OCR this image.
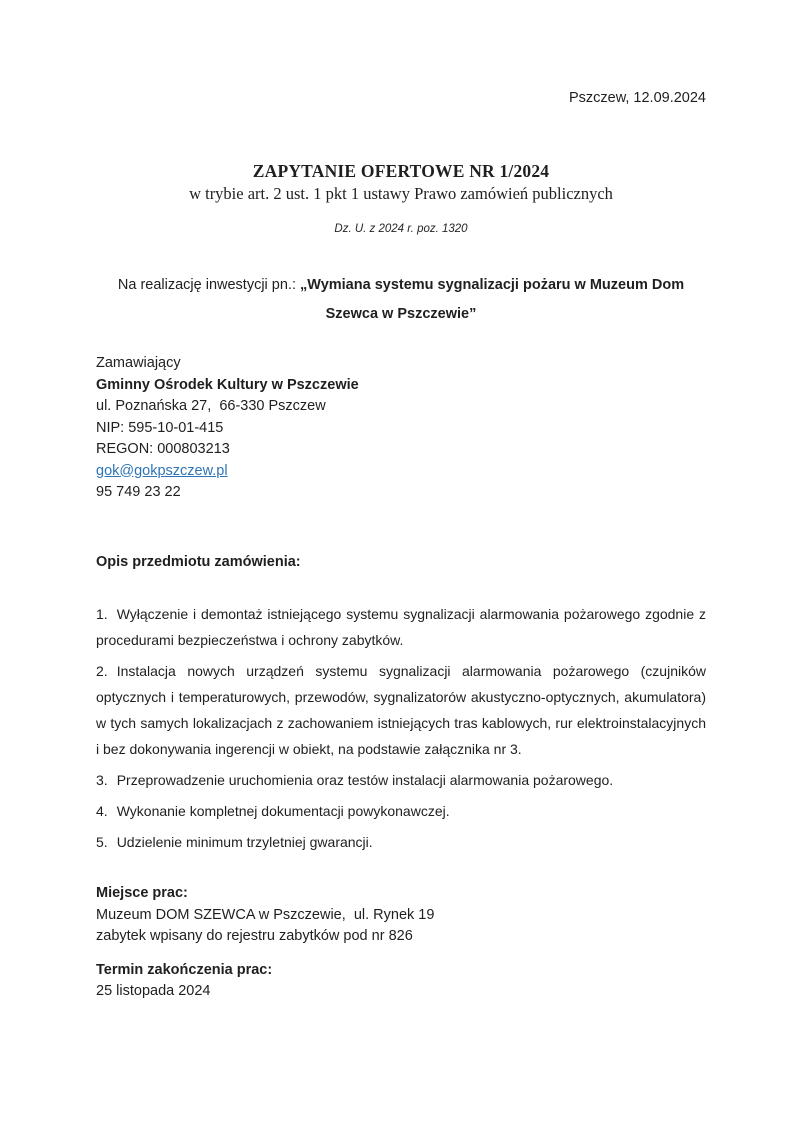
Pszczew, 12.09.2024

ZAPYTANIE OFERTOWE NR 1/2024

w trybie art. 2 ust. 1 pkt 1 ustawy Prawo zamówień publicznych

Dz. U. z 2024 r. poz. 1320

Na realizację inwestycji pn.: „Wymiana systemu sygnalizacji pożaru w Muzeum Dom Szewca w Pszczewie”

Zamawiający

Gminny Ośrodek Kultury w Pszczewie

ul. Poznańska 27,  66-330 Pszczew

NIP: 595-10-01-415

REGON: 000803213

gok@gokpszczew.pl

95 749 23 22

Opis przedmiotu zamówienia:

1. Wyłączenie i demontaż istniejącego systemu sygnalizacji alarmowania pożarowego zgodnie z procedurami bezpieczeństwa i ochrony zabytków.

2. Instalacja nowych urządzeń systemu sygnalizacji alarmowania pożarowego (czujników optycznych i temperaturowych, przewodów, sygnalizatorów akustyczno-optycznych, akumulatora) w tych samych lokalizacjach z zachowaniem istniejących tras kablowych, rur elektroinstalacyjnych i bez dokonywania ingerencji w obiekt, na podstawie załącznika nr 3.

3. Przeprowadzenie uruchomienia oraz testów instalacji alarmowania pożarowego.

4. Wykonanie kompletnej dokumentacji powykonawczej.

5. Udzielenie minimum trzyletniej gwarancji.

Miejsce prac:

Muzeum DOM SZEWCA w Pszczewie,  ul. Rynek 19

zabytek wpisany do rejestru zabytków pod nr 826

Termin zakończenia prac:

25 listopada 2024
